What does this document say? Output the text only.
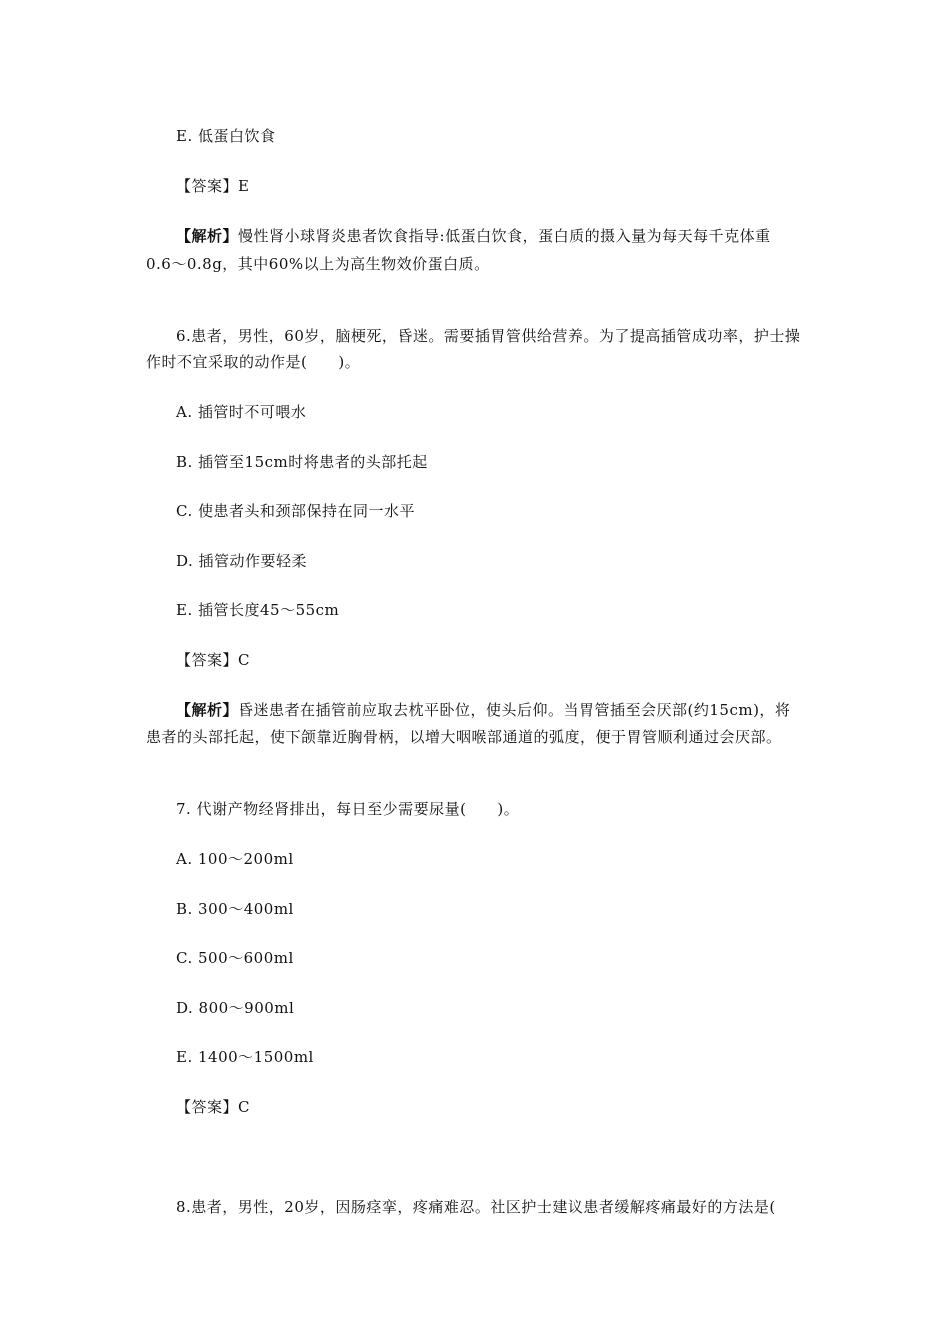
E. 低蛋白饮食
【答案】E
【解析】慢性肾小球肾炎患者饮食指导:低蛋白饮食，蛋白质的摄入量为每天每千克体重
0.6～0.8g，其中60%以上为高生物效价蛋白质。
6.患者，男性，60岁，脑梗死，昏迷。需要插胃管供给营养。为了提高插管成功率，护士操
作时不宜采取的动作是(　　)。
A. 插管时不可喂水
B. 插管至15cm时将患者的头部托起
C. 使患者头和颈部保持在同一水平
D. 插管动作要轻柔
E. 插管长度45～55cm
【答案】C
【解析】昏迷患者在插管前应取去枕平卧位，使头后仰。当胃管插至会厌部(约15cm)，将
患者的头部托起，使下颌靠近胸骨柄，以增大咽喉部通道的弧度，便于胃管顺利通过会厌部。
7. 代谢产物经肾排出，每日至少需要尿量(　　)。
A. 100～200ml
B. 300～400ml
C. 500～600ml
D. 800～900ml
E. 1400～1500ml
【答案】C
8.患者，男性，20岁，因肠痉挛，疼痛难忍。社区护士建议患者缓解疼痛最好的方法是(
